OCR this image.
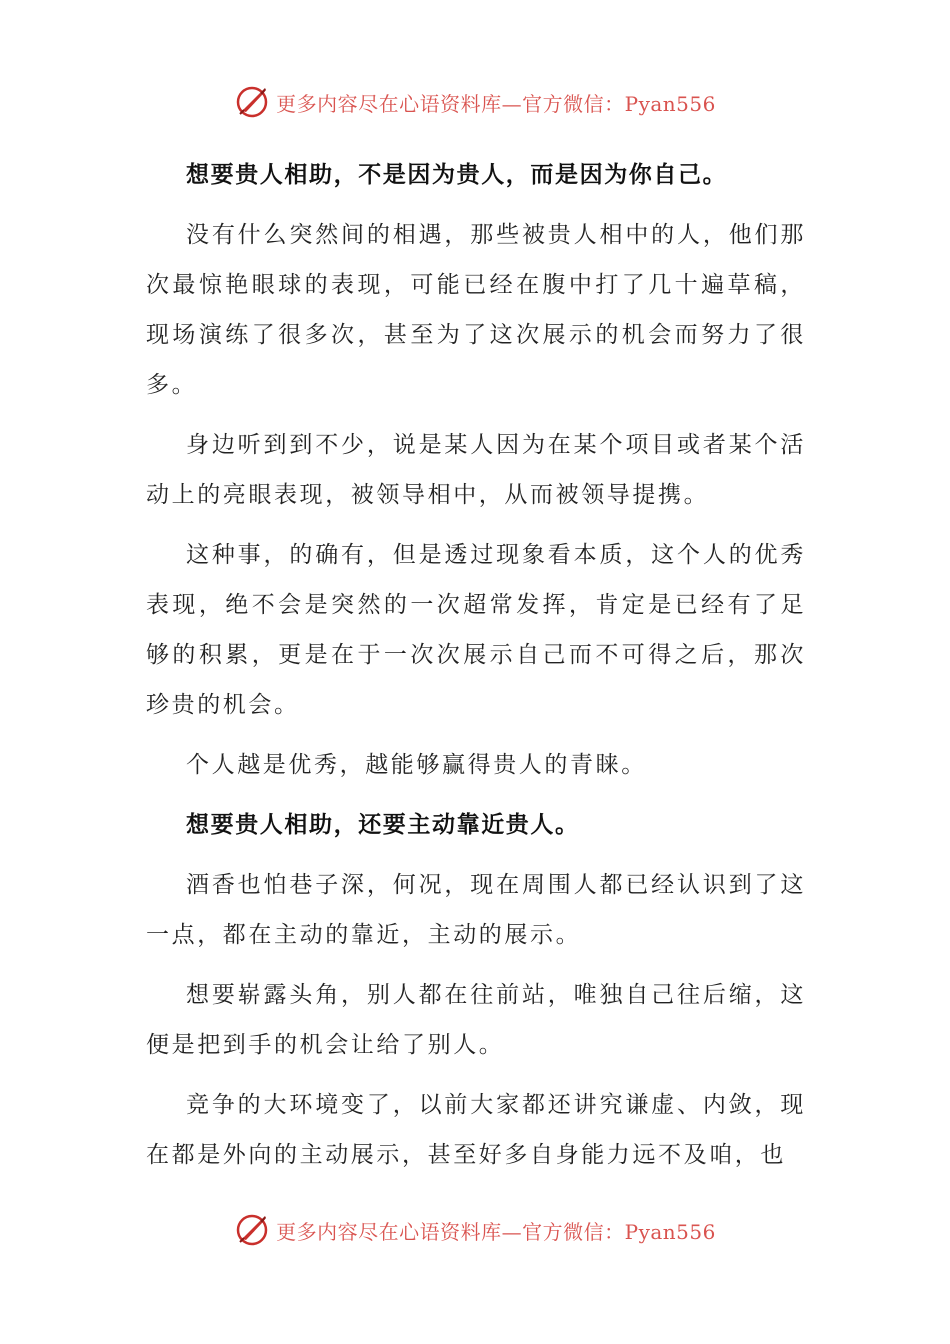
更多内容尽在心语资料库—官方微信：Pyan556

想要贵人相助，不是因为贵人，而是因为你自己。

没有什么突然间的相遇，那些被贵人相中的人，他们那次最惊艳眼球的表现，可能已经在腹中打了几十遍草稿，现场演练了很多次，甚至为了这次展示的机会而努力了很多。

身边听到到不少，说是某人因为在某个项目或者某个活动上的亮眼表现，被领导相中，从而被领导提携。

这种事，的确有，但是透过现象看本质，这个人的优秀表现，绝不会是突然的一次超常发挥，肯定是已经有了足够的积累，更是在于一次次展示自己而不可得之后，那次珍贵的机会。

个人越是优秀，越能够赢得贵人的青睐。

想要贵人相助，还要主动靠近贵人。

酒香也怕巷子深，何况，现在周围人都已经认识到了这一点，都在主动的靠近，主动的展示。

想要崭露头角，别人都在往前站，唯独自己往后缩，这便是把到手的机会让给了别人。

竞争的大环境变了，以前大家都还讲究谦虚、内敛，现在都是外向的主动展示，甚至好多自身能力远不及咱，也

更多内容尽在心语资料库—官方微信：Pyan556
